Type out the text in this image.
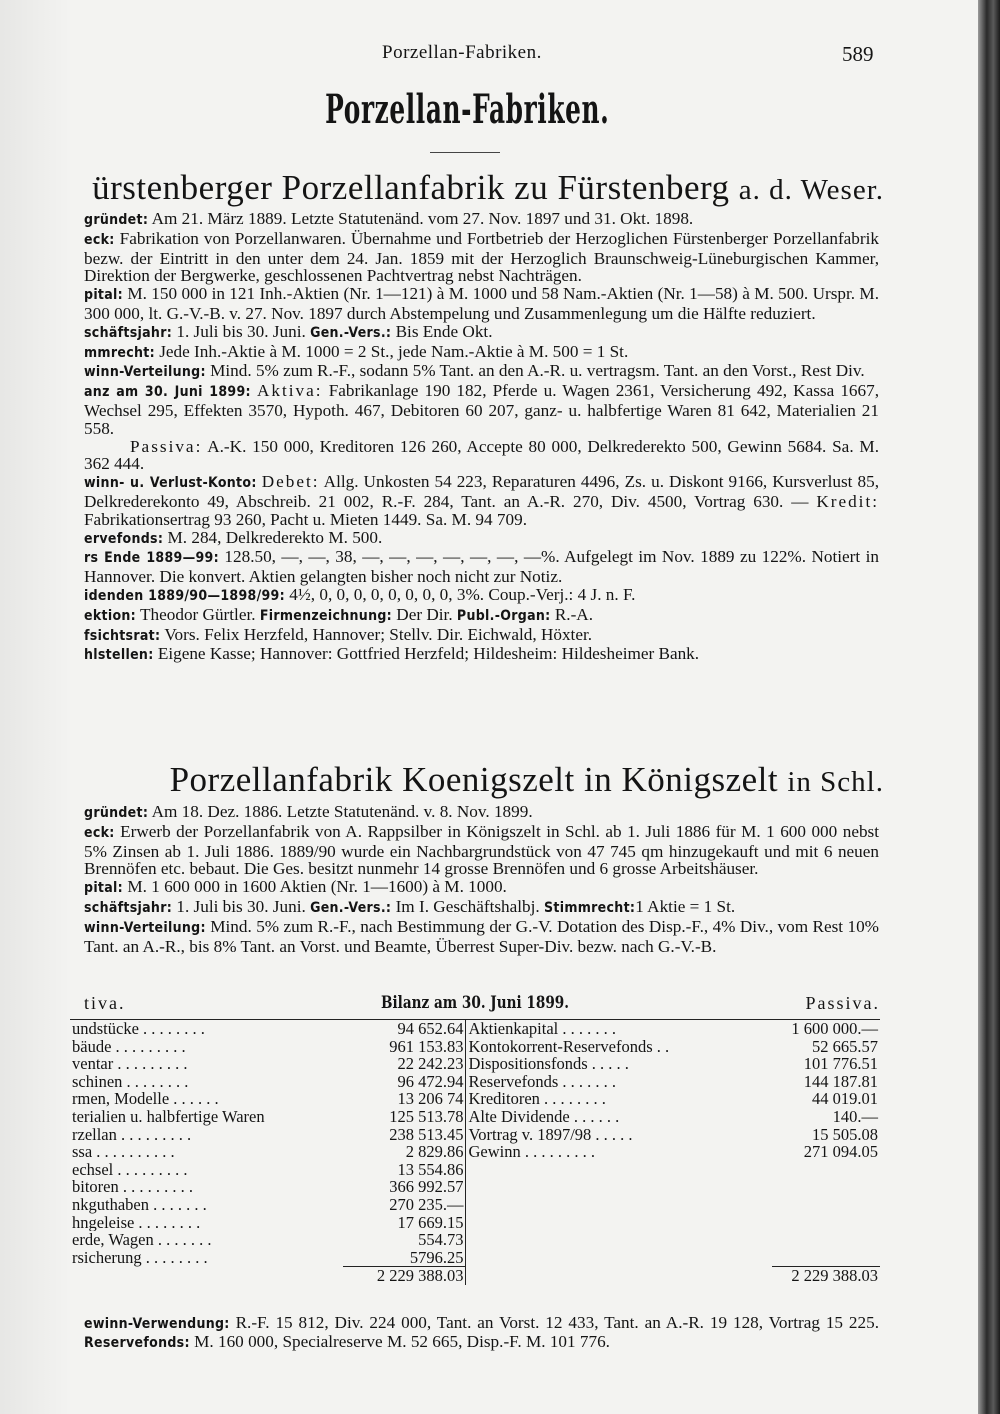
Porzellan-Fabriken.	589
Porzellan-Fabriken.
ürstenberger Porzellanfabrik zu Fürstenberg a. d. Weser.

gründet: Am 21. März 1889. Letzte Statutenänd. vom 27. Nov. 1897 und 31. Okt. 1898.

eck: Fabrikation von Porzellanwaren. Übernahme und Fortbetrieb der Herzoglichen Fürstenberger Porzellanfabrik bezw. der Eintritt in den unter dem 24. Jan. 1859 mit der Herzoglich Braunschweig-Lüneburgischen Kammer, Direktion der Bergwerke, geschlossenen Pachtvertrag nebst Nachträgen.

pital: M. 150 000 in 121 Inh.-Aktien (Nr. 1—121) à M. 1000 und 58 Nam.-Aktien (Nr. 1—58) à M. 500. Urspr. M. 300 000, lt. G.-V.-B. v. 27. Nov. 1897 durch Abstempelung und Zusammenlegung um die Hälfte reduziert.

schäftsjahr: 1. Juli bis 30. Juni. Gen.-Vers.: Bis Ende Okt.

mmrecht: Jede Inh.-Aktie à M. 1000 = 2 St., jede Nam.-Aktie à M. 500 = 1 St.

winn-Verteilung: Mind. 5% zum R.-F., sodann 5% Tant. an den A.-R. u. vertragsm. Tant. an den Vorst., Rest Div.

anz am 30. Juni 1899: Aktiva: Fabrikanlage 190 182, Pferde u. Wagen 2361, Versicherung 492, Kassa 1667, Wechsel 295, Effekten 3570, Hypoth. 467, Debitoren 60 207, ganz- u. halbfertige Waren 81 642, Materialien 21 558.

Passiva: A.-K. 150 000, Kreditoren 126 260, Accepte 80 000, Delkrederekto 500, Gewinn 5684. Sa. M. 362 444.

winn- u. Verlust-Konto: Debet: Allg. Unkosten 54 223, Reparaturen 4496, Zs. u. Diskont 9166, Kursverlust 85, Delkrederekonto 49, Abschreib. 21 002, R.-F. 284, Tant. an A.-R. 270, Div. 4500, Vortrag 630. — Kredit: Fabrikationsertrag 93 260, Pacht u. Mieten 1449. Sa. M. 94 709.

ervefonds: M. 284, Delkrederekto M. 500.

rs Ende 1889—99: 128.50, —, —, 38, —, —, —, —, —, —, —%. Aufgelegt im Nov. 1889 zu 122%. Notiert in Hannover. Die konvert. Aktien gelangten bisher noch nicht zur Notiz.

idenden 1889/90—1898/99: 4½, 0, 0, 0, 0, 0, 0, 0, 0, 3%. Coup.-Verj.: 4 J. n. F.

ektion: Theodor Gürtler. Firmenzeichnung: Der Dir. Publ.-Organ: R.-A.

fsichtsrat: Vors. Felix Herzfeld, Hannover; Stellv. Dir. Eichwald, Höxter.

hlstellen: Eigene Kasse; Hannover: Gottfried Herzfeld; Hildesheim: Hildesheimer Bank.

Porzellanfabrik Koenigszelt in Königszelt in Schl.

gründet: Am 18. Dez. 1886. Letzte Statutenänd. v. 8. Nov. 1899.

eck: Erwerb der Porzellanfabrik von A. Rappsilber in Königszelt in Schl. ab 1. Juli 1886 für M. 1 600 000 nebst 5% Zinsen ab 1. Juli 1886. 1889/90 wurde ein Nachbargrundstück von 47 745 qm hinzugekauft und mit 6 neuen Brennöfen etc. bebaut. Die Ges. besitzt nunmehr 14 grosse Brennöfen und 6 grosse Arbeitshäuser.

pital: M. 1 600 000 in 1600 Aktien (Nr. 1—1600) à M. 1000.

schäftsjahr: 1. Juli bis 30. Juni. Gen.-Vers.: Im I. Geschäftshalbj. Stimmrecht:1 Aktie = 1 St.

winn-Verteilung: Mind. 5% zum R.-F., nach Bestimmung der G.-V. Dotation des Disp.-F., 4% Div., vom Rest 10% Tant. an A.-R., bis 8% Tant. an Vorst. und Beamte, Überrest Super-Div. bezw. nach G.-V.-B.

tiva.	Bilanz am 30. Juni 1899.	Passiva.
undstücke . . . . . . . .	94 652.64	Aktienkapital . . . . . . .	1 600 000.—
bäude . . . . . . . . .	961 153.83	Kontokorrent-Reservefonds . .	52 665.57
ventar . . . . . . . . .	22 242.23	Dispositionsfonds . . . . .	101 776.51
schinen . . . . . . . .	96 472.94	Reservefonds . . . . . . .	144 187.81
rmen, Modelle . . . . . .	13 206 74	Kreditoren . . . . . . . .	44 019.01
terialien u. halbfertige Waren	125 513.78	Alte Dividende . . . . . .	140.—
rzellan . . . . . . . . .	238 513.45	Vortrag v. 1897/98 . . . . .	15 505.08
ssa . . . . . . . . . .	2 829.86	Gewinn . . . . . . . . .	271 094.05
echsel . . . . . . . . .	13 554.86		
bitoren . . . . . . . . .	366 992.57		
nkguthaben . . . . . . .	270 235.—		
hngeleise . . . . . . . .	17 669.15		
erde, Wagen . . . . . . .	554.73		
rsicherung . . . . . . . .	5796.25		
	2 229 388.03		2 229 388.03
ewinn-Verwendung: R.-F. 15 812, Div. 224 000, Tant. an Vorst. 12 433, Tant. an A.-R. 19 128, Vortrag 15 225. Reservefonds: M. 160 000, Specialreserve M. 52 665, Disp.-F. M. 101 776.
